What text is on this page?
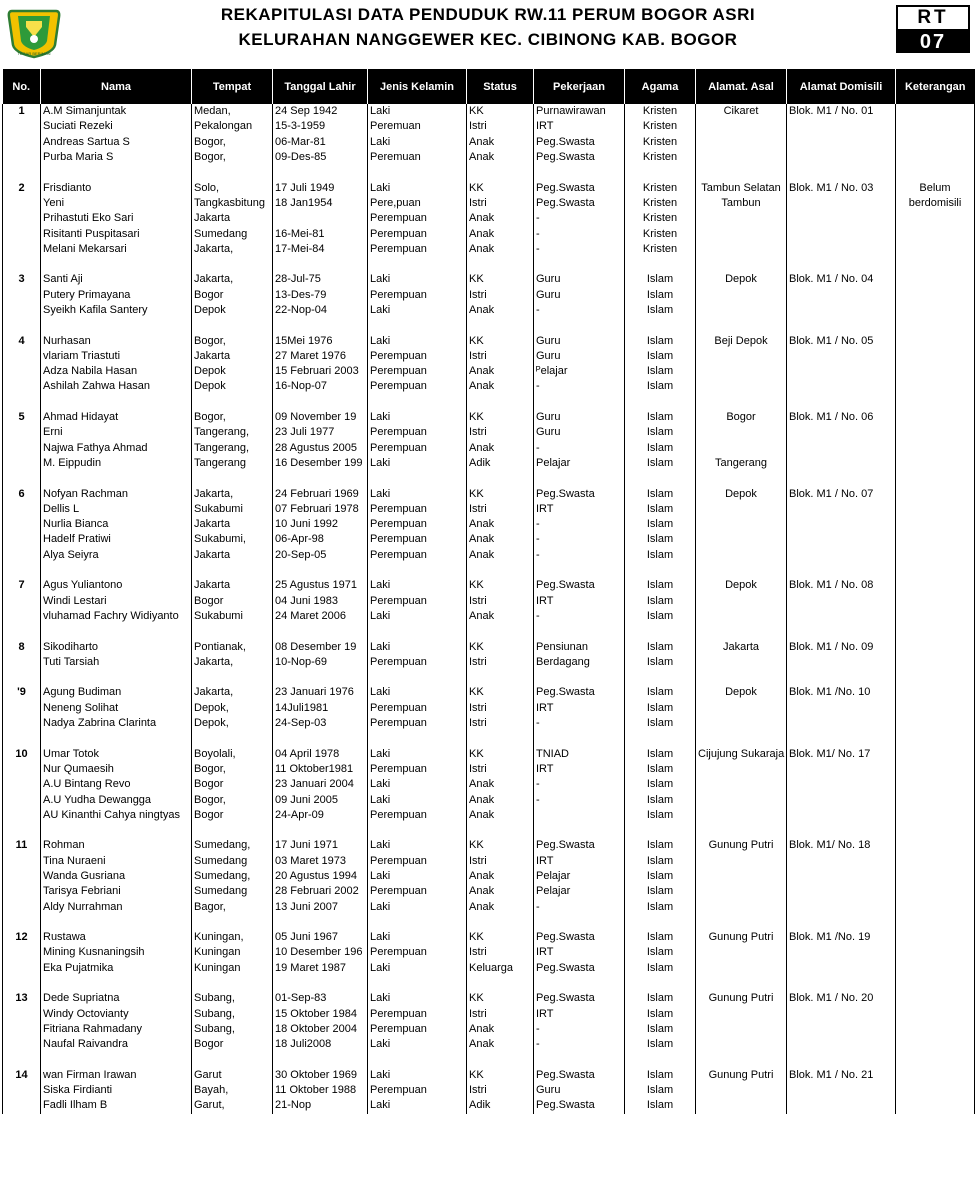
TEGAR BERIMAN
REKAPITULASI DATA PENDUDUK RW.11 PERUM BOGOR ASRI
KELURAHAN NANGGEWER KEC. CIBINONG KAB. BOGOR
RT
07
No.	Nama	Tempat	Tanggal Lahir	Jenis Kelamin	Status	Pekerjaan	Agama	Alamat. Asal	Alamat Domisili	Keterangan
1	A.M Simanjuntak	Medan,	24 Sep 1942	Laki	KK	Purnawirawan	Kristen	Cikaret	Blok. M1 / No. 01	
	Suciati Rezeki	Pekalongan	15-3-1959	Peremuan	Istri	IRT	Kristen			
	Andreas Sartua S	Bogor,	06-Mar-81	Laki	Anak	Peg.Swasta	Kristen			
	Purba Maria S	Bogor,	09-Des-85	Peremuan	Anak	Peg.Swasta	Kristen			

2	Frisdianto	Solo,	17 Juli 1949	Laki	KK	Peg.Swasta	Kristen	Tambun Selatan	Blok. M1 / No. 03	Belum
	Yeni	Tangkasbitung	18 Jan1954	Pere,puan	Istri	Peg.Swasta	Kristen	Tambun		berdomisili
	Prihastuti Eko Sari	Jakarta		Perempuan	Anak	-	Kristen			
	Risitanti Puspitasari	Sumedang	16-Mei-81	Perempuan	Anak	-	Kristen			
	Melani Mekarsari	Jakarta,	17-Mei-84	Perempuan	Anak	-	Kristen			

3	Santi Aji	Jakarta,	28-Jul-75	Laki	KK	Guru	Islam	Depok	Blok. M1 / No. 04	
	Putery Primayana	Bogor	13-Des-79	Perempuan	Istri	Guru	Islam			
	Syeikh Kafila Santery	Depok	22-Nop-04	Laki	Anak	-	Islam			

4	Nurhasan	Bogor,	15Mei 1976	Laki	KK	Guru	Islam	Beji Depok	Blok. M1 / No. 05	
	vlariam Triastuti	Jakarta	27 Maret 1976	Perempuan	Istri	Guru	Islam			
	Adza Nabila Hasan	Depok	15 Februari 2003	Perempuan	Anak	ᴾelajar	Islam			
	Ashilah Zahwa Hasan	Depok	16-Nop-07	Perempuan	Anak	-	Islam			

5	Ahmad Hidayat	Bogor,	09 November 19	Laki	KK	Guru	Islam	Bogor	Blok. M1 / No. 06	
	Erni	Tangerang,	23 Juli 1977	Perempuan	Istri	Guru	Islam			
	Najwa Fathya Ahmad	Tangerang,	28 Agustus 2005	Perempuan	Anak	-	Islam			
	M. Eippudin	Tangerang	16 Desember 199	Laki	Adik	Pelajar	Islam	Tangerang		

6	Nofyan Rachman	Jakarta,	24 Februari 1969	Laki	KK	Peg.Swasta	Islam	Depok	Blok. M1 / No. 07	
	Dellis L	Sukabumi	07 Februari 1978	Perempuan	Istri	IRT	Islam			
	Nurlia Bianca	Jakarta	10 Juni 1992	Perempuan	Anak	-	Islam			
	Hadelf Pratiwi	Sukabumi,	06-Apr-98	Perempuan	Anak	-	Islam			
	Alya Seiyra	Jakarta	20-Sep-05	Perempuan	Anak	-	Islam			

7	Agus Yuliantono	Jakarta	25 Agustus 1971	Laki	KK	Peg.Swasta	Islam	Depok	Blok. M1 / No. 08	
	Windi Lestari	Bogor	04 Juni 1983	Perempuan	Istri	IRT	Islam			
	vluhamad Fachry Widiyanto	Sukabumi	24 Maret 2006	Laki	Anak	-	Islam			

8	Sikodiharto	Pontianak,	08 Desember 19	Laki	KK	Pensiunan	Islam	Jakarta	Blok. M1 / No. 09	
	Tuti Tarsiah	Jakarta,	10-Nop-69	Perempuan	Istri	Berdagang	Islam			

'9	Agung Budiman	Jakarta,	23 Januari 1976	Laki	KK	Peg.Swasta	Islam	Depok	Blok. M1 /No. 10	
	Neneng Solihat	Depok,	14Juli1981	Perempuan	Istri	IRT	Islam			
	Nadya Zabrina Clarinta	Depok,	24-Sep-03	Perempuan	Istri	-	Islam			

10	Umar Totok	Boyolali,	04 April 1978	Laki	KK	TNIAD	Islam	Cijujung Sukaraja	Blok. M1/ No. 17	
	Nur Qumaesih	Bogor,	11 Oktober1981	Perempuan	Istri	IRT	Islam			
	A.U Bintang Revo	Bogor	23 Januari 2004	Laki	Anak	-	Islam			
	A.U Yudha Dewangga	Bogor,	09 Juni 2005	Laki	Anak	-	Islam			
	AU Kinanthi Cahya ningtyas	Bogor	24-Apr-09	Perempuan	Anak		Islam			

11	Rohman	Sumedang,	17 Juni 1971	Laki	KK	Peg.Swasta	Islam	Gunung Putri	Blok. M1/ No. 18	
	Tina Nuraeni	Sumedang	03 Maret 1973	Perempuan	Istri	IRT	Islam			
	Wanda Gusriana	Sumedang,	20 Agustus 1994	Laki	Anak	Pelajar	Islam			
	Tarisya Febriani	Sumedang	28 Februari 2002	Perempuan	Anak	Pelajar	Islam			
	Aldy Nurrahman	Bagor,	13 Juni 2007	Laki	Anak	-	Islam			

12	Rustawa	Kuningan,	05 Juni 1967	Laki	KK	Peg.Swasta	Islam	Gunung Putri	Blok. M1 /No. 19	
	Mining Kusnaningsih	Kuningan	10 Desember 196	Perempuan	Istri	IRT	Islam			
	Eka Pujatmika	Kuningan	19 Maret 1987	Laki	Keluarga	Peg.Swasta	Islam			

13	Dede Supriatna	Subang,	01-Sep-83	Laki	KK	Peg.Swasta	Islam	Gunung Putri	Blok. M1 / No. 20	
	Windy Octovianty	Subang,	15 Oktober 1984	Perempuan	Istri	IRT	Islam			
	Fitriana Rahmadany	Subang,	18 Oktober 2004	Perempuan	Anak	-	Islam			
	Naufal Raivandra	Bogor	18 Juli2008	Laki	Anak	-	Islam			

14	wan Firman Irawan	Garut	30 Oktober 1969	Laki	KK	Peg.Swasta	Islam	Gunung Putri	Blok. M1 / No. 21	
	Siska Firdianti	Bayah,	11 Oktober 1988	Perempuan	Istri	Guru	Islam			
	Fadli Ilham B	Garut,	21-Nop	Laki	Adik	Peg.Swasta	Islam			
